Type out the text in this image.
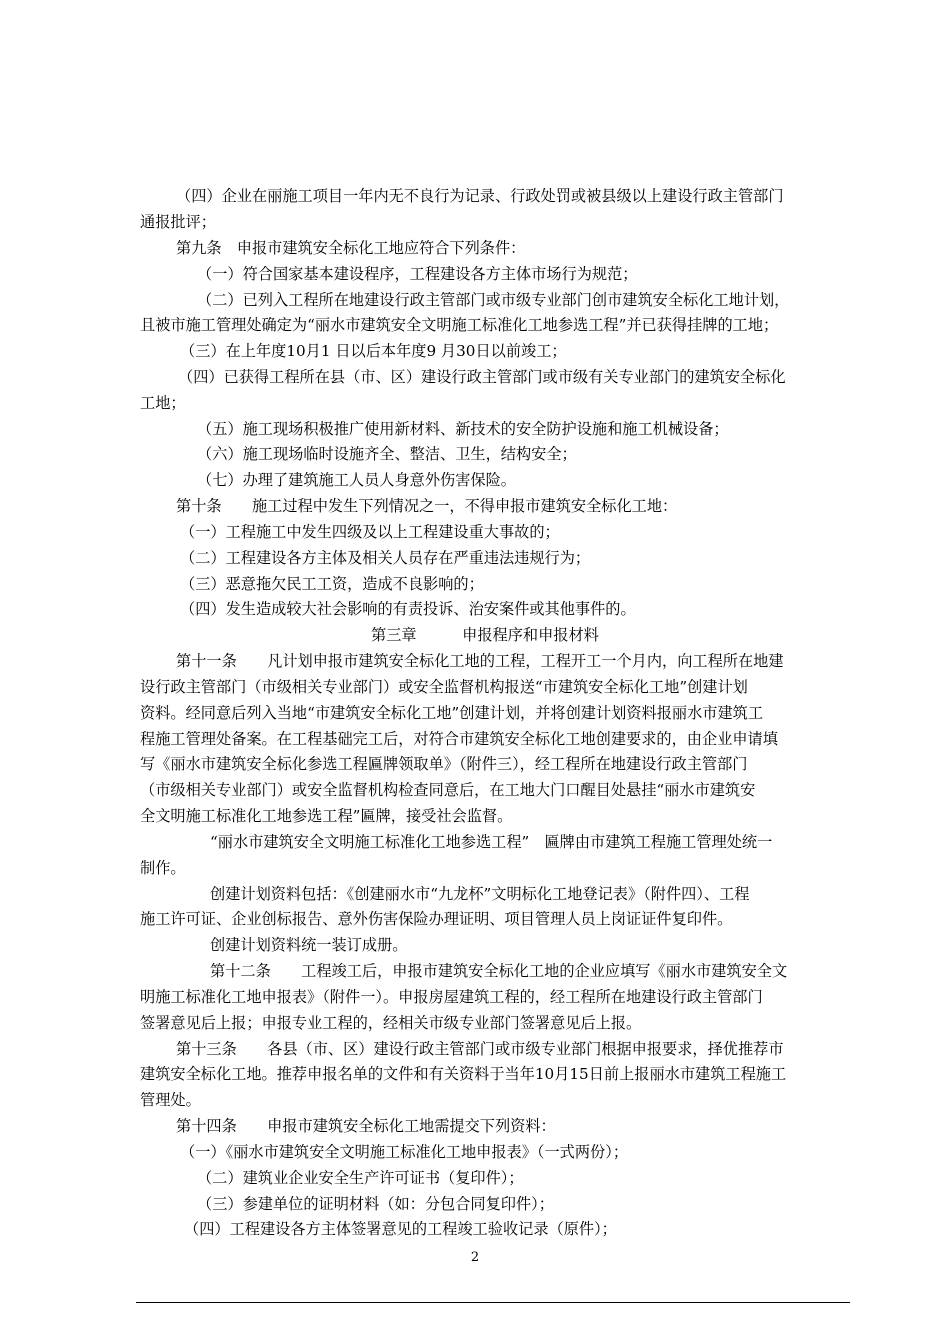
（四）企业在丽施工项目一年内无不良行为记录、行政处罚或被县级以上建设行政主管部门
通报批评；
第九条　申报市建筑安全标化工地应符合下列条件：
（一）符合国家基本建设程序，工程建设各方主体市场行为规范；
（二）已列入工程所在地建设行政主管部门或市级专业部门创市建筑安全标化工地计划，
且被市施工管理处确定为“丽水市建筑安全文明施工标准化工地参选工程”并已获得挂牌的工地；
（三）在上年度10月1 日以后本年度9 月30日以前竣工；
（四）已获得工程所在县（市、区）建设行政主管部门或市级有关专业部门的建筑安全标化
工地；
（五）施工现场积极推广使用新材料、新技术的安全防护设施和施工机械设备；
（六）施工现场临时设施齐全、整洁、卫生，结构安全；
（七）办理了建筑施工人员人身意外伤害保险。
第十条　　施工过程中发生下列情况之一，不得申报市建筑安全标化工地：
（一）工程施工中发生四级及以上工程建设重大事故的；
（二）工程建设各方主体及相关人员存在严重违法违规行为；
（三）恶意拖欠民工工资，造成不良影响的；
（四）发生造成较大社会影响的有责投诉、治安案件或其他事件的。
第三章　　　申报程序和申报材料
第十一条　　凡计划申报市建筑安全标化工地的工程，工程开工一个月内，向工程所在地建
设行政主管部门（市级相关专业部门）或安全监督机构报送“市建筑安全标化工地”创建计划
资料。经同意后列入当地“市建筑安全标化工地”创建计划，并将创建计划资料报丽水市建筑工
程施工管理处备案。在工程基础完工后，对符合市建筑安全标化工地创建要求的，由企业申请填
写《丽水市建筑安全标化参选工程匾牌领取单》（附件三），经工程所在地建设行政主管部门
（市级相关专业部门）或安全监督机构检查同意后，在工地大门口醒目处悬挂“丽水市建筑安
全文明施工标准化工地参选工程”匾牌，接受社会监督。
“丽水市建筑安全文明施工标准化工地参选工程”　匾牌由市建筑工程施工管理处统一
制作。
创建计划资料包括：《创建丽水市“九龙杯”文明标化工地登记表》（附件四）、工程
施工许可证、企业创标报告、意外伤害保险办理证明、项目管理人员上岗证证件复印件。
创建计划资料统一装订成册。
第十二条　　工程竣工后，申报市建筑安全标化工地的企业应填写《丽水市建筑安全文
明施工标准化工地申报表》（附件一）。申报房屋建筑工程的，经工程所在地建设行政主管部门
签署意见后上报；申报专业工程的，经相关市级专业部门签署意见后上报。
第十三条　　各县（市、区）建设行政主管部门或市级专业部门根据申报要求，择优推荐市
建筑安全标化工地。推荐申报名单的文件和有关资料于当年10月15日前上报丽水市建筑工程施工
管理处。
第十四条　　申报市建筑安全标化工地需提交下列资料：
（一）《丽水市建筑安全文明施工标准化工地申报表》（一式两份）；
（二）建筑业企业安全生产许可证书（复印件）；
（三）参建单位的证明材料（如：分包合同复印件）；
（四）工程建设各方主体签署意见的工程竣工验收记录（原件）；
2
